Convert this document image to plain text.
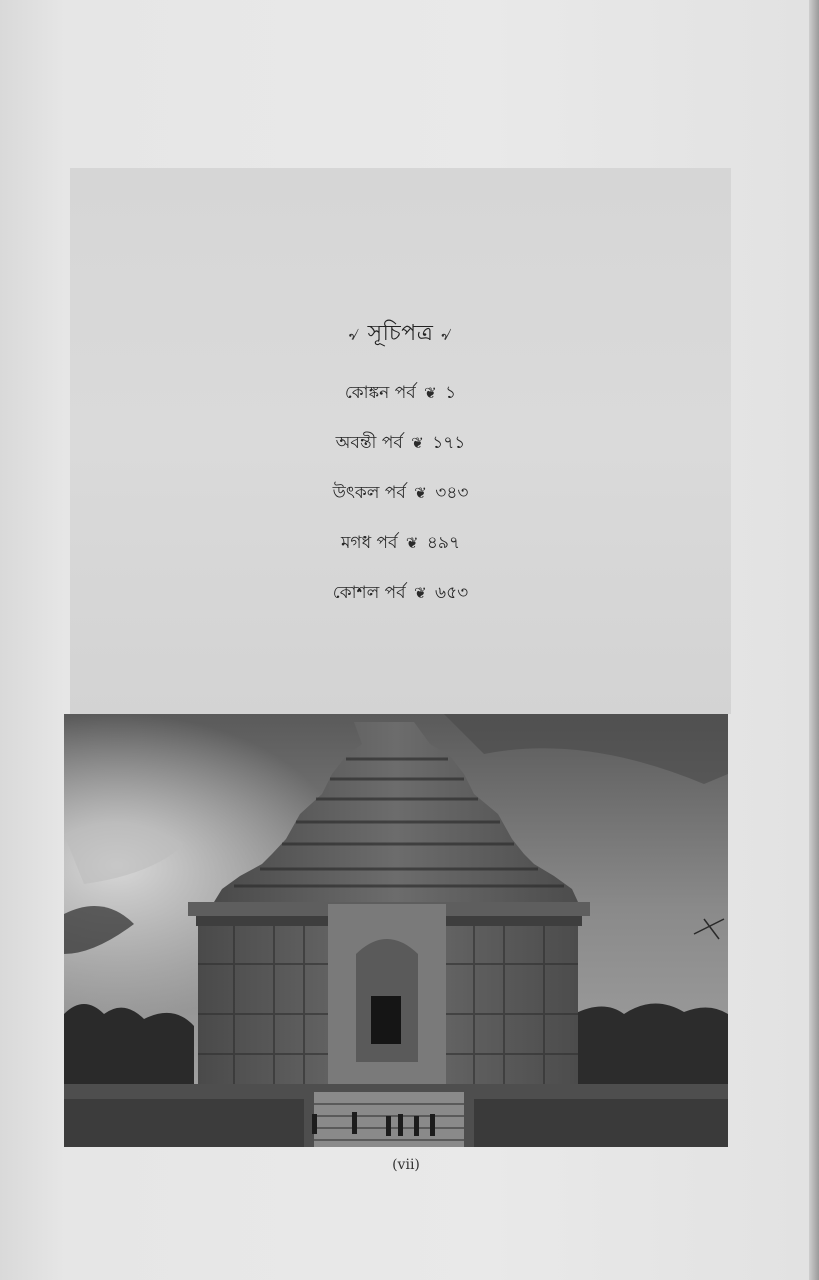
৵ সূচিপত্র ৵
কোঙ্কন পর্ব ❦ ১
অবন্তী পর্ব ❦ ১৭১
উৎকল পর্ব ❦ ৩৪৩
মগধ পর্ব ❦ ৪৯৭
কোশল পর্ব ❦ ৬৫৩
(vii)
